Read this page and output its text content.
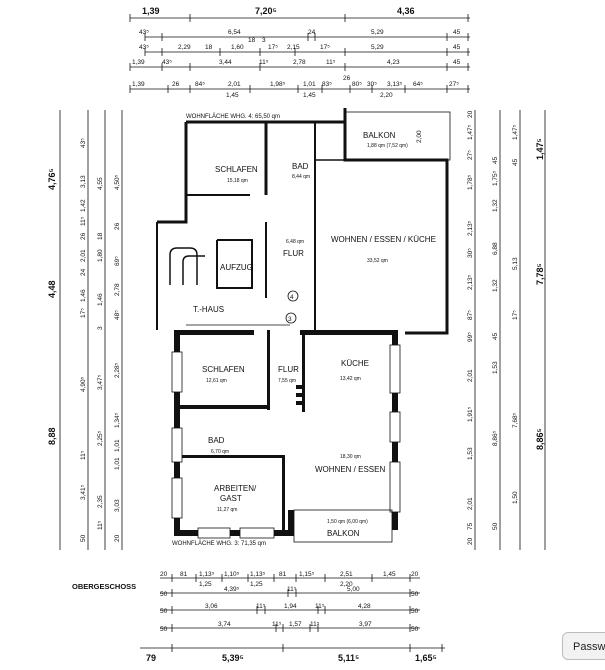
BALKON
1,88 qm (7,52 qm)
SCHLAFEN
15,18 qm
BAD
8,44 qm
6,48 qm
FLUR
WOHNEN / ESSEN / KÜCHE
33,52 qm
AUFZUG
T.-HAUS
SCHLAFEN
12,61 qm
FLUR
7,55 qm
KÜCHE
13,42 qm
BAD
6,70 qm
18,30 qm
WOHNEN / ESSEN
ARBEITEN/
GAST
11,27 qm
1,50 qm (6,00 qm)
BALKON
WOHNFLÄCHE WHG. 4: 65,50 qm
WOHNFLÄCHE WHG. 3: 71,35 qm
OBERGESCHOSS
4
3
2,00
1,39	7,20⁵	4,36
43⁵	6,54	24	5,29	45
43⁵	2,29 18	1,60
18 3
17⁵ 2,15	17⁵	5,29	45
1,39	43⁵	3,44	11⁵	2,78	11⁵	4,23	45
1,39	26 84⁵	2,01	1,98⁵	1,01 83⁵
26
80⁵ 30⁵ 3,13⁵ 64⁵	27⁵
1,45	1,45	2,20
4,76⁵
4,48
8,88
43⁵
3,13
1,42
11⁵
26
2,01
24
1,46
17⁵
4,90⁵
11⁵
3,41⁵
50
4,55
18
1,80
1,46
3
3,47⁵
2,25⁵
2,35
11⁵
4,50⁵
26
69⁵
2,78
48⁵
2,28⁵
1,34⁵
1,01
1,01
3,03
20
1,47⁵
7,78⁵
8,86⁵
20
1,47⁵
27⁵
1,78⁵
2,13⁵
30⁵
2,13⁵
87⁵
99⁵
2,01
1,91⁵
1,53
2,01
75
20
45
1,75⁵
1,32
6,88
1,32
45
1,53
8,86⁵
50
1,47⁵
45
5,13
17⁵
7,68⁵
1,50
20 81 1,13⁵ 1,10⁵ 1,13⁵ 81 1,15⁵	2,51	1,45 20
1,25	1,25	2,20
50
4,39⁵	11⁵	5,00
50
50
3,06	11⁵	1,94	11⁵	4,28
50
50
3,74	11⁵ 1,57 11⁵	3,97
50
79	5,39⁵	5,11⁵	1,65⁵
Passw
